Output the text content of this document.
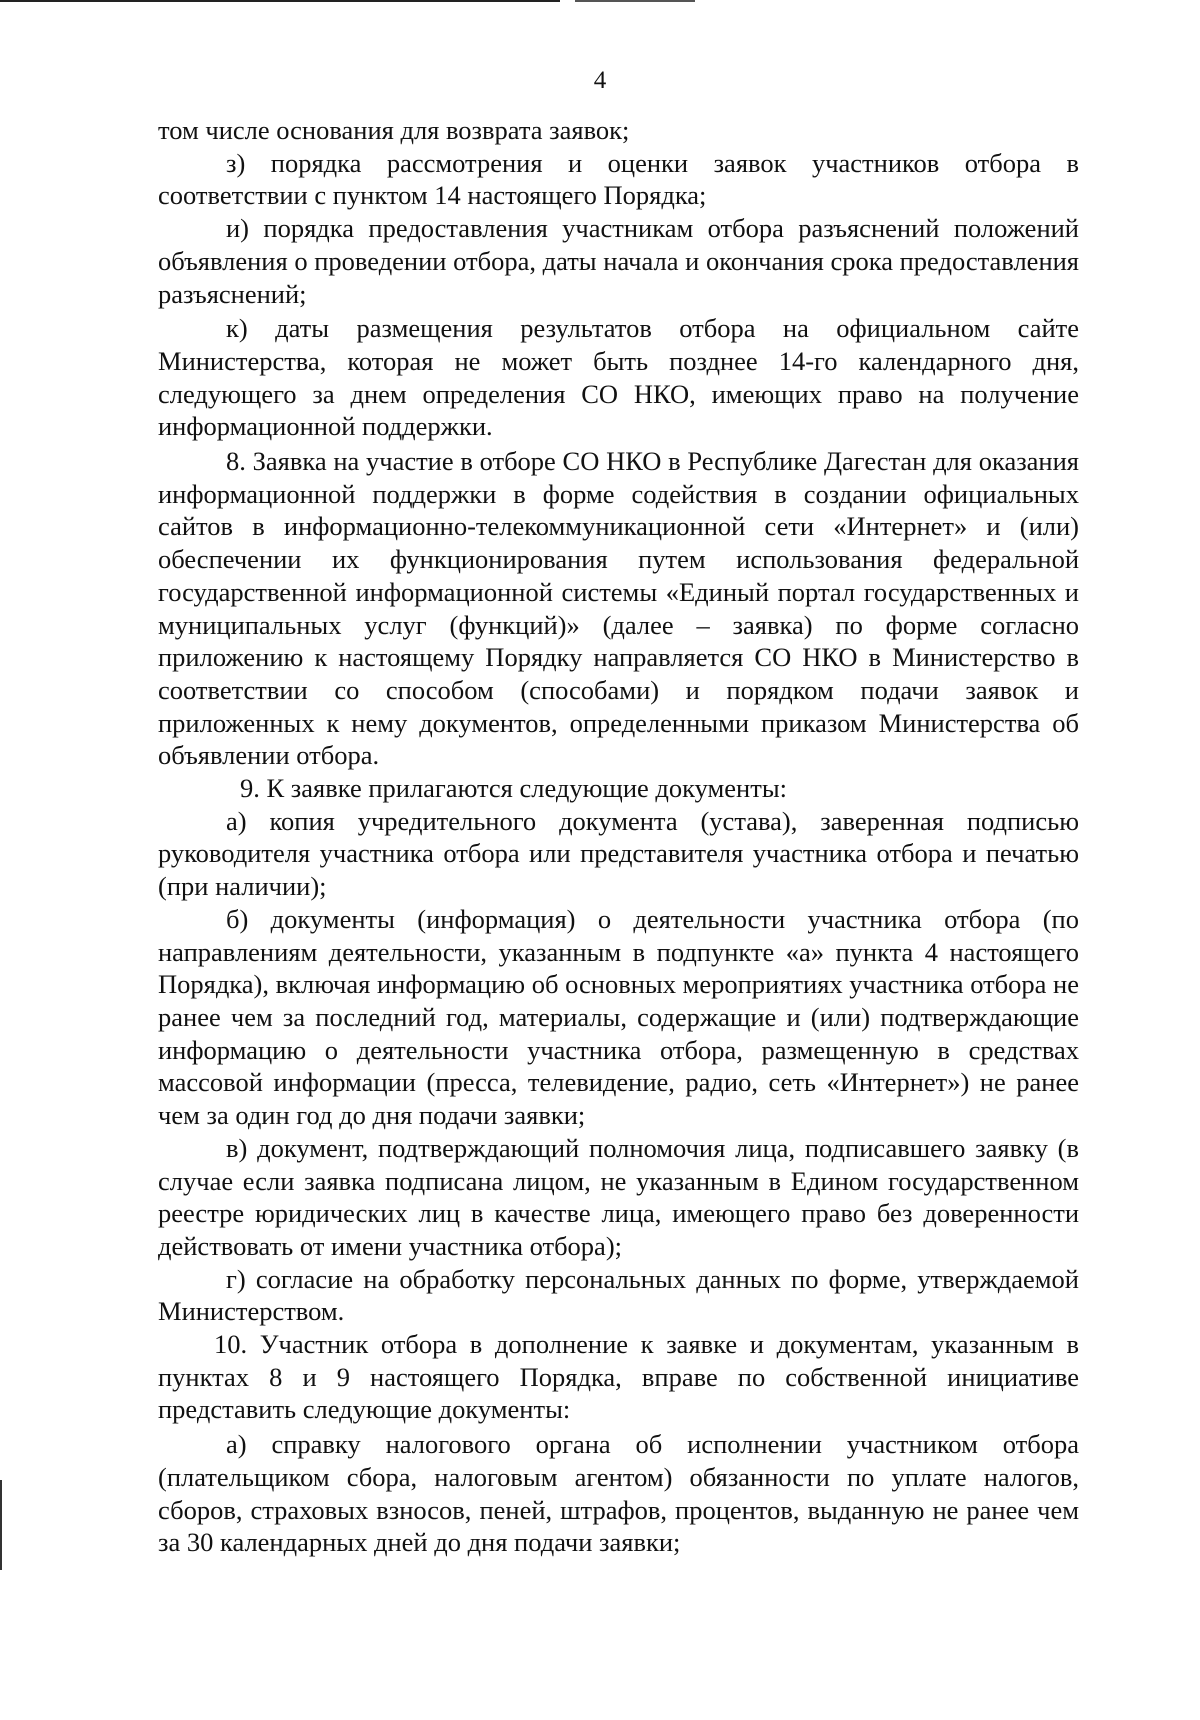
4

том числе основания для возврата заявок;

з) порядка рассмотрения и оценки заявок участников отбора в соответствии с пунктом 14 настоящего Порядка;

и) порядка предоставления участникам отбора разъяснений положений объявления о проведении отбора, даты начала и окончания срока предоставления разъяснений;

к) даты размещения результатов отбора на официальном сайте Министерства, которая не может быть позднее 14-го календарного дня, следующего за днем определения СО НКО, имеющих право на получение информационной поддержки.

8. Заявка на участие в отборе СО НКО в Республике Дагестан для оказания информационной поддержки в форме содействия в создании официальных сайтов в информационно-телекоммуникационной сети «Интернет» и (или) обеспечении их функционирования путем использования федеральной государственной информационной системы «Единый портал государственных и муниципальных услуг (функций)» (далее – заявка) по форме согласно приложению к настоящему Порядку направляется СО НКО в Министерство в соответствии со способом (способами) и порядком подачи заявок и приложенных к нему документов, определенными приказом Министерства об объявлении отбора.

9. К заявке прилагаются следующие документы:

а) копия учредительного документа (устава), заверенная подписью руководителя участника отбора или представителя участника отбора и печатью (при наличии);

б) документы (информация) о деятельности участника отбора (по направлениям деятельности, указанным в подпункте «а» пункта 4 настоящего Порядка), включая информацию об основных мероприятиях участника отбора не ранее чем за последний год, материалы, содержащие и (или) подтверждающие информацию о деятельности участника отбора, размещенную в средствах массовой информации (пресса, телевидение, радио, сеть «Интернет») не ранее чем за один год до дня подачи заявки;

в) документ, подтверждающий полномочия лица, подписавшего заявку (в случае если заявка подписана лицом, не указанным в Едином государственном реестре юридических лиц в качестве лица, имеющего право без доверенности действовать от имени участника отбора);

г) согласие на обработку персональных данных по форме, утверждаемой Министерством.

10. Участник отбора в дополнение к заявке и документам, указанным в пунктах 8 и 9 настоящего Порядка, вправе по собственной инициативе представить следующие документы:

а) справку налогового органа об исполнении участником отбора (плательщиком сбора, налоговым агентом) обязанности по уплате налогов, сборов, страховых взносов, пеней, штрафов, процентов, выданную не ранее чем за 30 календарных дней до дня подачи заявки;
